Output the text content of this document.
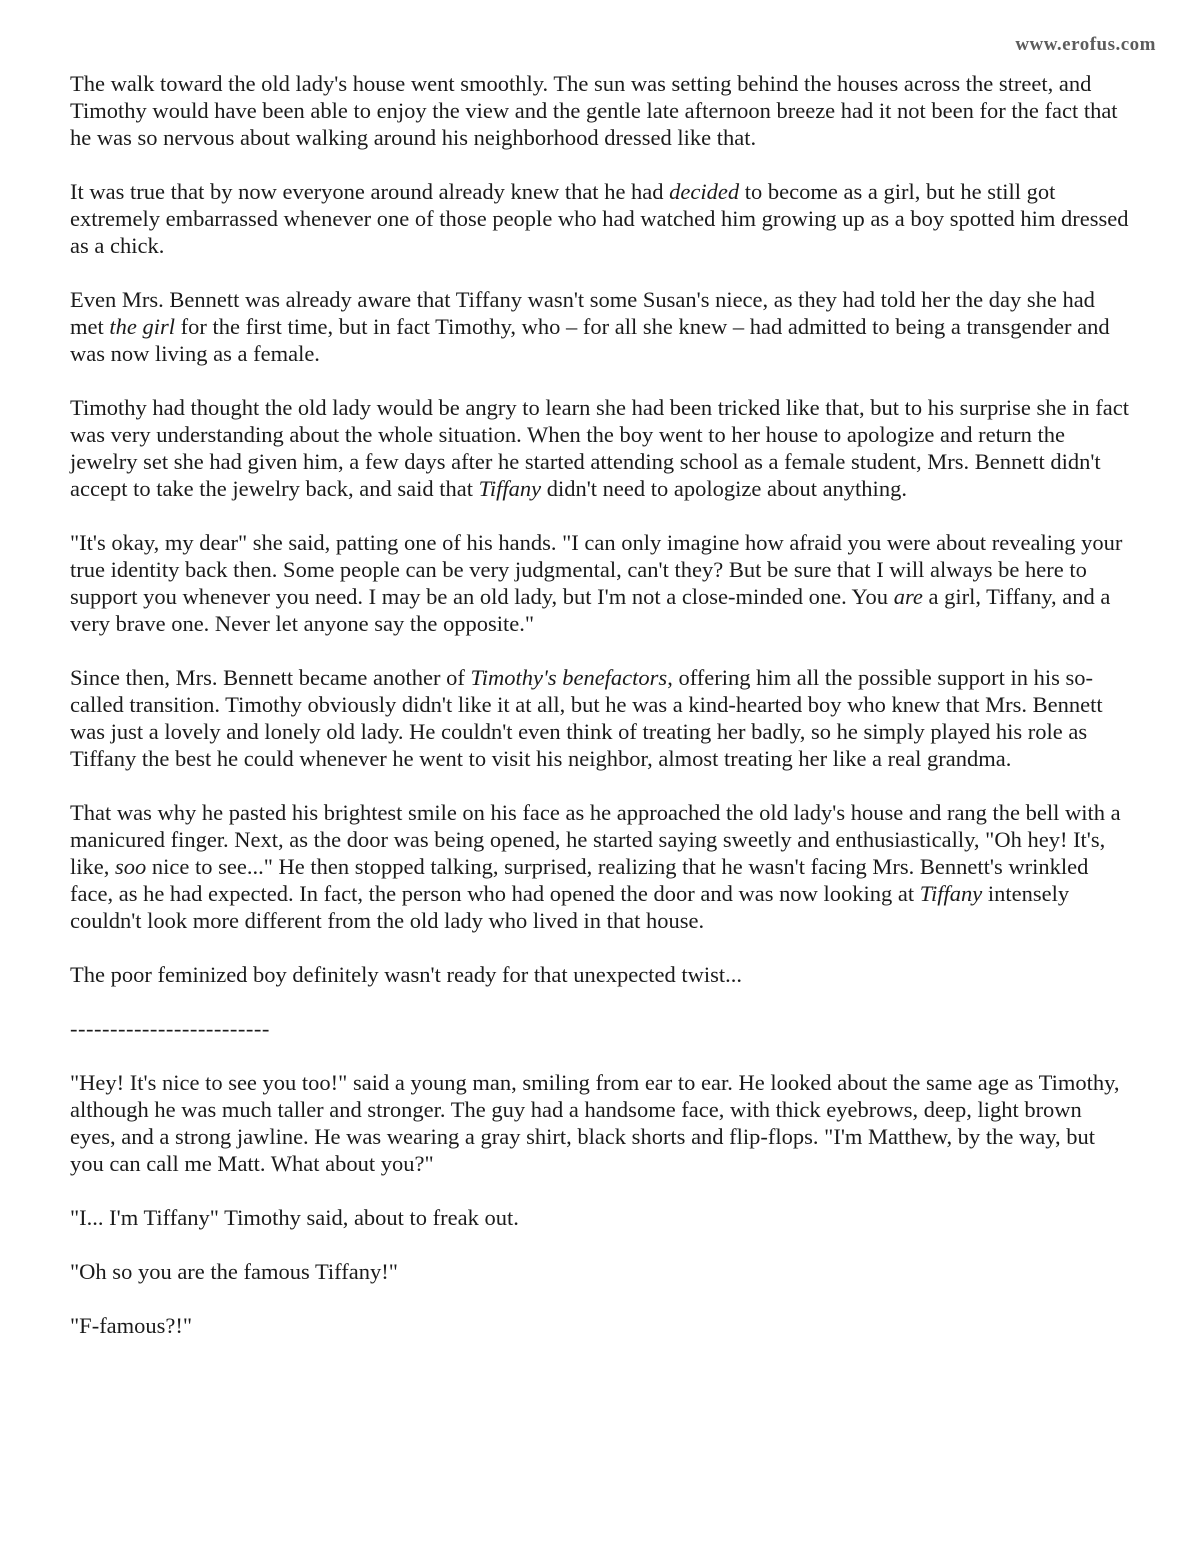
www.erofus.com

The walk toward the old lady's house went smoothly. The sun was setting behind the houses across the street, and Timothy would have been able to enjoy the view and the gentle late afternoon breeze had it not been for the fact that he was so nervous about walking around his neighborhood dressed like that.

It was true that by now everyone around already knew that he had decided to become as a girl, but he still got extremely embarrassed whenever one of those people who had watched him growing up as a boy spotted him dressed as a chick.

Even Mrs. Bennett was already aware that Tiffany wasn't some Susan's niece, as they had told her the day she had met the girl for the first time, but in fact Timothy, who – for all she knew – had admitted to being a transgender and was now living as a female.

Timothy had thought the old lady would be angry to learn she had been tricked like that, but to his surprise she in fact was very understanding about the whole situation. When the boy went to her house to apologize and return the jewelry set she had given him, a few days after he started attending school as a female student, Mrs. Bennett didn't accept to take the jewelry back, and said that Tiffany didn't need to apologize about anything.

"It's okay, my dear" she said, patting one of his hands. "I can only imagine how afraid you were about revealing your true identity back then. Some people can be very judgmental, can't they? But be sure that I will always be here to support you whenever you need. I may be an old lady, but I'm not a close-minded one. You are a girl, Tiffany, and a very brave one. Never let anyone say the opposite."

Since then, Mrs. Bennett became another of Timothy's benefactors, offering him all the possible support in his so-called transition. Timothy obviously didn't like it at all, but he was a kind-hearted boy who knew that Mrs. Bennett was just a lovely and lonely old lady. He couldn't even think of treating her badly, so he simply played his role as Tiffany the best he could whenever he went to visit his neighbor, almost treating her like a real grandma.

That was why he pasted his brightest smile on his face as he approached the old lady's house and rang the bell with a manicured finger. Next, as the door was being opened, he started saying sweetly and enthusiastically, "Oh hey! It's, like, soo nice to see..." He then stopped talking, surprised, realizing that he wasn't facing Mrs. Bennett's wrinkled face, as he had expected. In fact, the person who had opened the door and was now looking at Tiffany intensely couldn't look more different from the old lady who lived in that house.

The poor feminized boy definitely wasn't ready for that unexpected twist...

-------------------------

"Hey! It's nice to see you too!" said a young man, smiling from ear to ear. He looked about the same age as Timothy, although he was much taller and stronger. The guy had a handsome face, with thick eyebrows, deep, light brown eyes, and a strong jawline. He was wearing a gray shirt, black shorts and flip-flops. "I'm Matthew, by the way, but you can call me Matt. What about you?"

"I... I'm Tiffany" Timothy said, about to freak out.

"Oh so you are the famous Tiffany!"

"F-famous?!"
